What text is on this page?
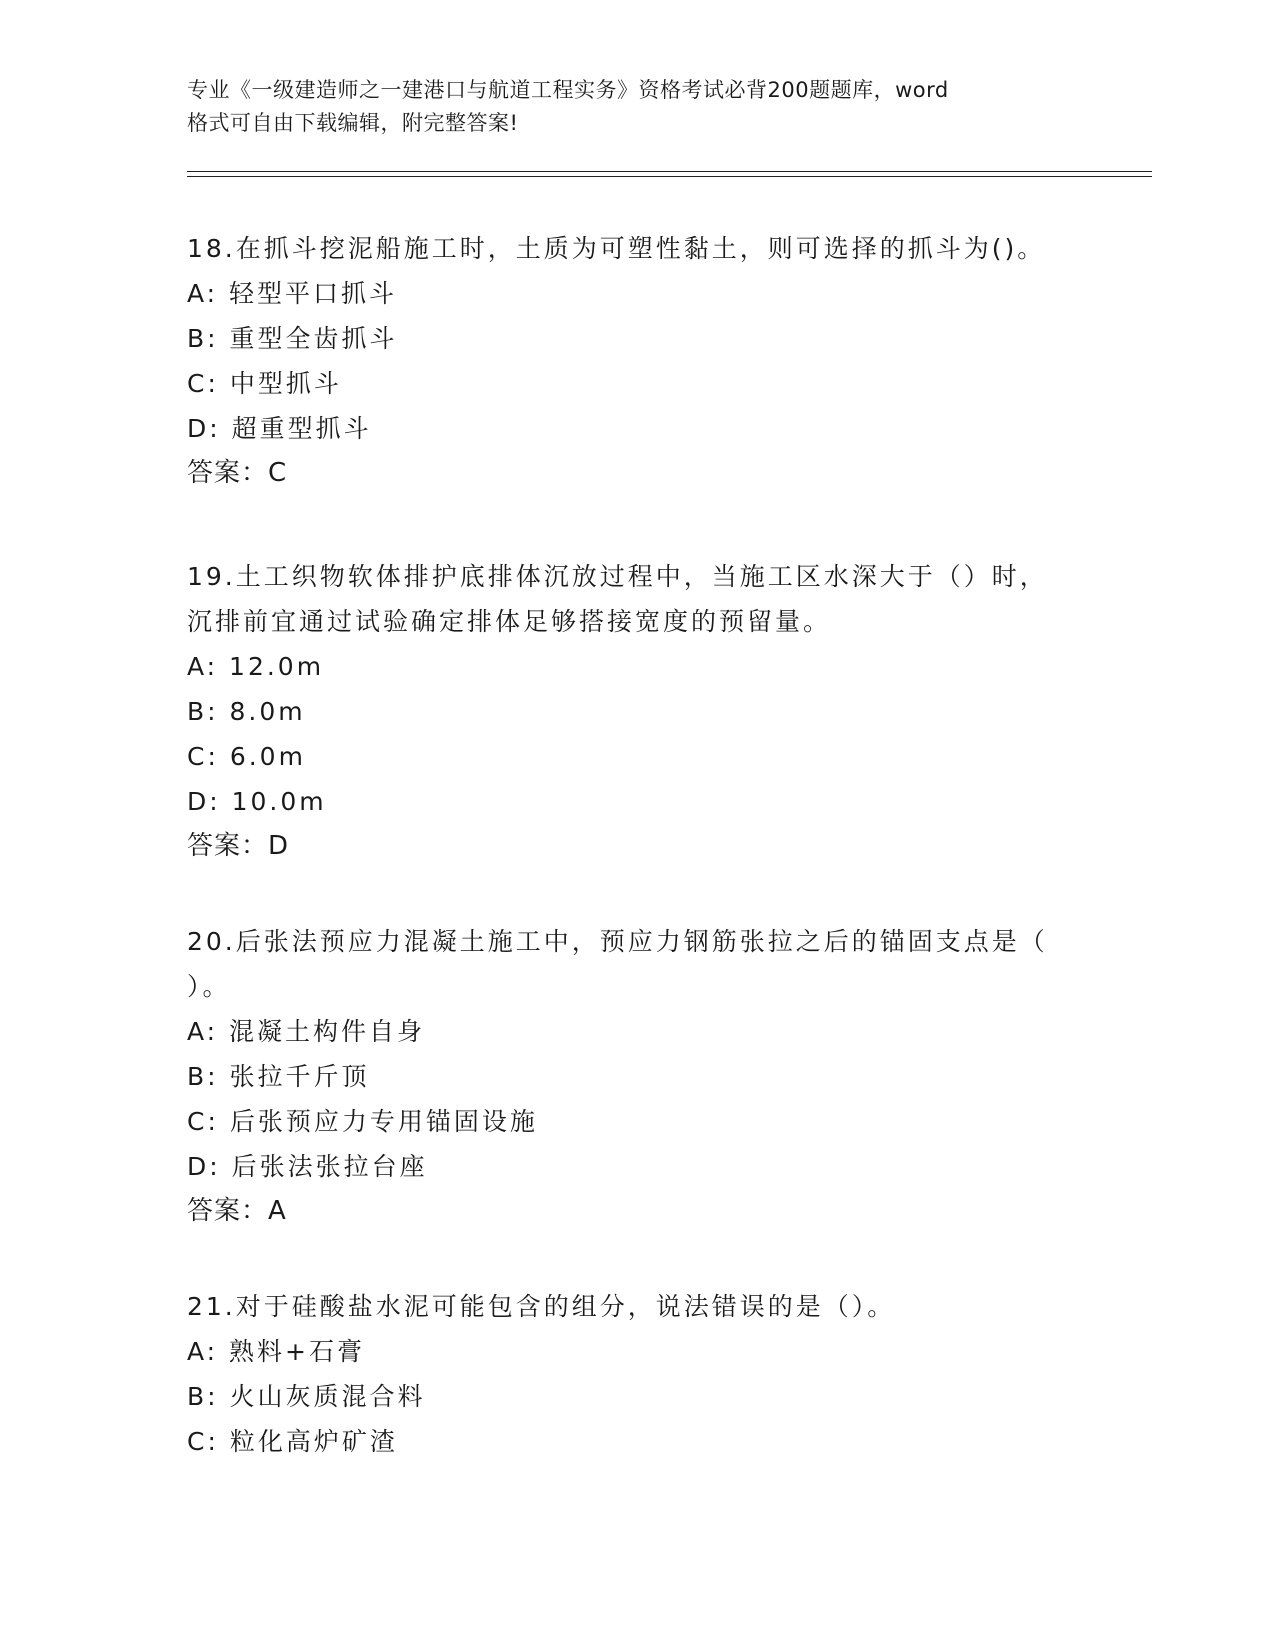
专业《一级建造师之一建港口与航道工程实务》资格考试必背200题题库，word
格式可自由下载编辑，附完整答案!
18.在抓斗挖泥船施工时，土质为可塑性黏土，则可选择的抓斗为()。
A: 轻型平口抓斗
B: 重型全齿抓斗
C: 中型抓斗
D: 超重型抓斗
答案：C
19.土工织物软体排护底排体沉放过程中，当施工区水深大于（）时，
沉排前宜通过试验确定排体足够搭接宽度的预留量。
A: 12.0m
B: 8.0m
C: 6.0m
D: 10.0m
答案：D
20.后张法预应力混凝土施工中，预应力钢筋张拉之后的锚固支点是（
）。
A: 混凝土构件自身
B: 张拉千斤顶
C: 后张预应力专用锚固设施
D: 后张法张拉台座
答案：A
21.对于硅酸盐水泥可能包含的组分，说法错误的是（）。
A: 熟料+石膏
B: 火山灰质混合料
C: 粒化高炉矿渣
